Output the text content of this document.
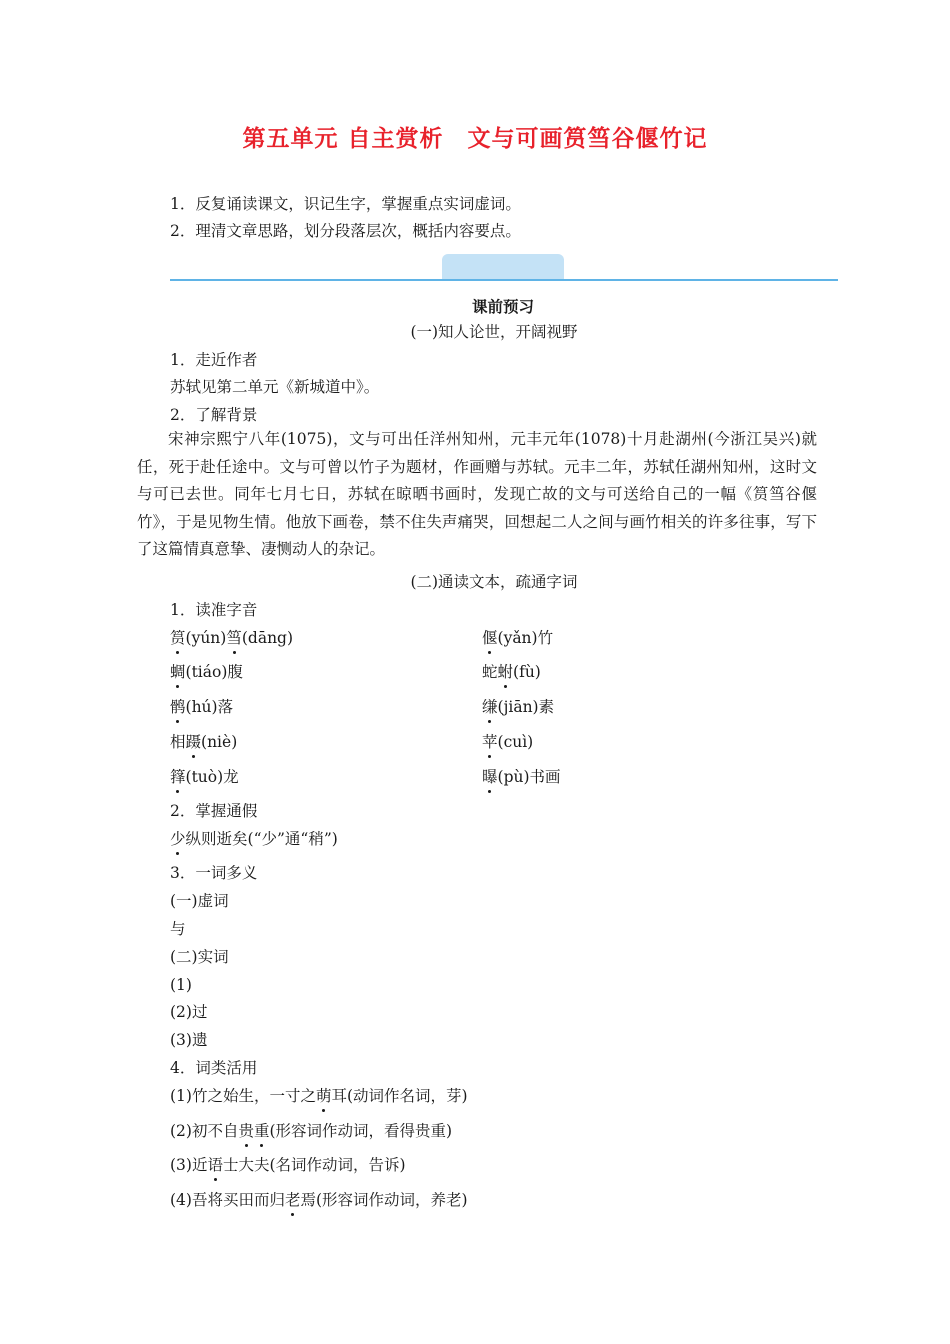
第五单元 自主赏析　文与可画筼筜谷偃竹记
1．反复诵读课文，识记生字，掌握重点实词虚词。
2．理清文章思路，划分段落层次，概括内容要点。
课前预习
(一)知人论世，开阔视野
1．走近作者
苏轼见第二单元《新城道中》。
2．了解背景
宋神宗熙宁八年(1075)，文与可出任洋州知州，元丰元年(1078)十月赴湖州(今浙江吴兴)就任，死于赴任途中。文与可曾以竹子为题材，作画赠与苏轼。元丰二年，苏轼任湖州知州，这时文与可已去世。同年七月七日，苏轼在晾晒书画时，发现亡故的文与可送给自己的一幅《筼筜谷偃竹》，于是见物生情。他放下画卷，禁不住失声痛哭，回想起二人之间与画竹相关的许多往事，写下了这篇情真意挚、凄恻动人的杂记。
(二)通读文本，疏通字词
1．读准字音
筼(yún)筜(dāng)
蜩(tiáo)腹
鹘(hú)落
相蹑(niè)
箨(tuò)龙
偃(yǎn)竹
蛇蚹(fù)
缣(jiān)素
苹(cuì)
曝(pù)书画
2．掌握通假
少纵则逝矣(“少”通“稍”)
3．一词多义
(一)虚词
与
(二)实词
(1)
(2)过
(3)遗
4．词类活用
(1)竹之始生，一寸之萌耳(动词作名词，芽)
(2)初不自贵重(形容词作动词，看得贵重)
(3)近语士大夫(名词作动词，告诉)
(4)吾将买田而归老焉(形容词作动词，养老)
